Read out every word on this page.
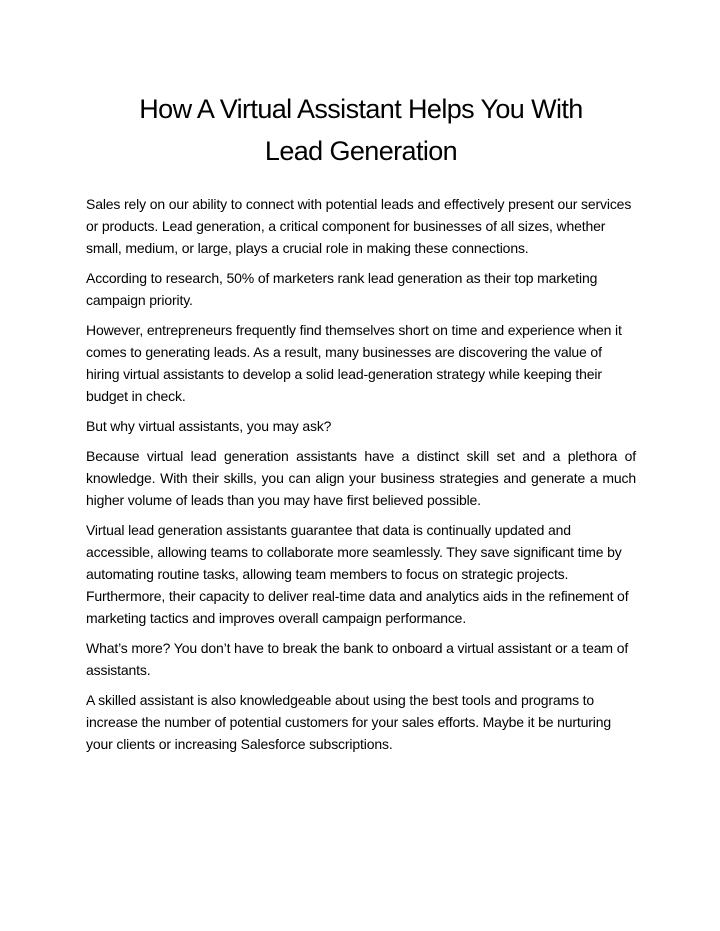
How A Virtual Assistant Helps You With
Lead Generation

Sales rely on our ability to connect with potential leads and effectively present our services or products. Lead generation, a critical component for businesses of all sizes, whether small, medium, or large, plays a crucial role in making these connections.

According to research, 50% of marketers rank lead generation as their top marketing campaign priority.

However, entrepreneurs frequently find themselves short on time and experience when it comes to generating leads. As a result, many businesses are discovering the value of hiring virtual assistants to develop a solid lead-generation strategy while keeping their budget in check.

But why virtual assistants, you may ask?

Because virtual lead generation assistants have a distinct skill set and a plethora of knowledge. With their skills, you can align your business strategies and generate a much higher volume of leads than you may have first believed possible.

Virtual lead generation assistants guarantee that data is continually updated and accessible, allowing teams to collaborate more seamlessly. They save significant time by automating routine tasks, allowing team members to focus on strategic projects. Furthermore, their capacity to deliver real-time data and analytics aids in the refinement of marketing tactics and improves overall campaign performance.

What’s more? You don’t have to break the bank to onboard a virtual assistant or a team of assistants.

A skilled assistant is also knowledgeable about using the best tools and programs to increase the number of potential customers for your sales efforts. Maybe it be nurturing your clients or increasing Salesforce subscriptions.
